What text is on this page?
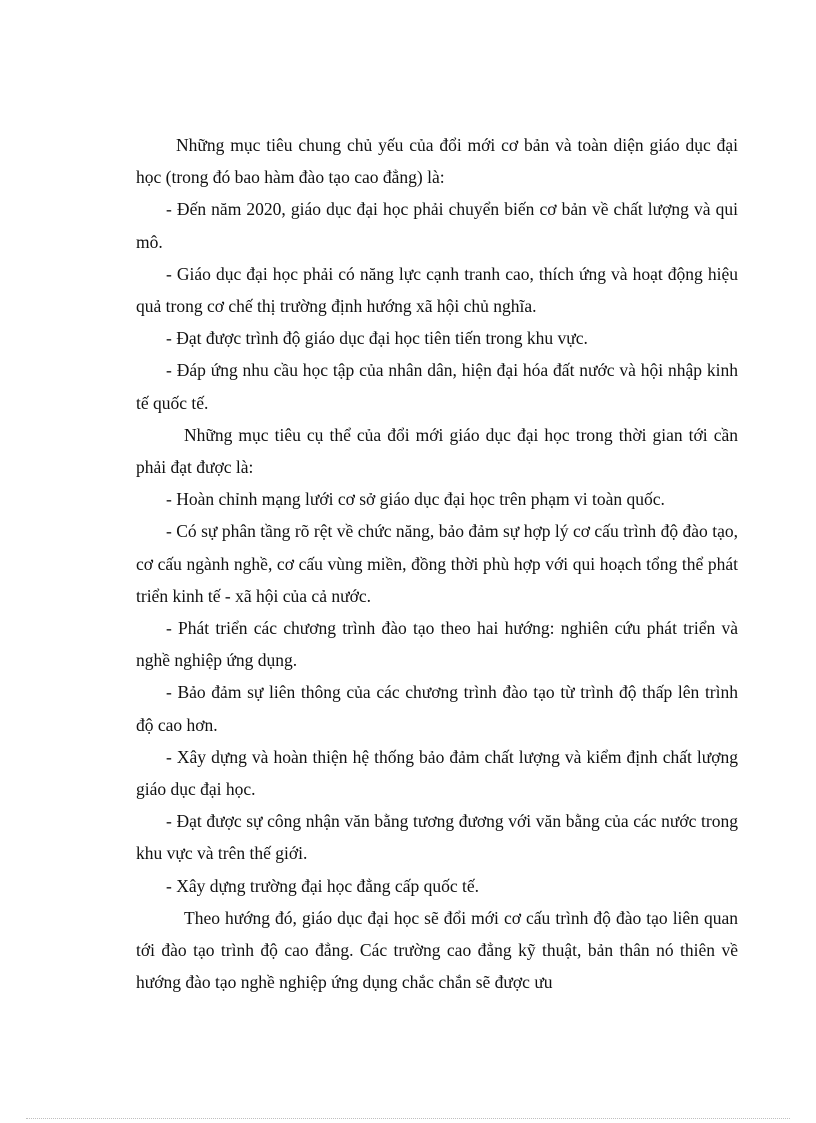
Những mục tiêu chung chủ yếu của đổi mới cơ bản và toàn diện giáo dục đại học (trong đó bao hàm đào tạo cao đẳng) là:

- Đến năm 2020, giáo dục đại học phải chuyển biến cơ bản về chất lượng và qui mô.

- Giáo dục đại học phải có năng lực cạnh tranh cao, thích ứng và hoạt động hiệu quả trong cơ chế thị trường định hướng xã hội chủ nghĩa.

- Đạt được trình độ giáo dục đại học tiên tiến trong khu vực.

- Đáp ứng nhu cầu học tập của nhân dân, hiện đại hóa đất nước và hội nhập kinh tế quốc tế.

Những mục tiêu cụ thể của đổi mới giáo dục đại học trong thời gian tới cần phải đạt được là:

- Hoàn chỉnh mạng lưới cơ sở giáo dục đại học trên phạm vi toàn quốc.

- Có sự phân tầng rõ rệt về chức năng, bảo đảm sự hợp lý cơ cấu trình độ đào tạo, cơ cấu ngành nghề, cơ cấu vùng miền, đồng thời phù hợp với qui hoạch tổng thể phát triển kinh tế - xã hội của cả nước.

- Phát triển các chương trình đào tạo theo hai hướng: nghiên cứu phát triển và nghề nghiệp ứng dụng.

- Bảo đảm sự liên thông của các chương trình đào tạo từ trình độ thấp lên trình độ cao hơn.

- Xây dựng và hoàn thiện hệ thống bảo đảm chất lượng và kiểm định chất lượng giáo dục đại học.

- Đạt được sự công nhận văn bằng tương đương với văn bằng của các nước trong khu vực và trên thế giới.

- Xây dựng trường đại học đẳng cấp quốc tế.

Theo hướng đó, giáo dục đại học sẽ đổi mới cơ cấu trình độ đào tạo liên quan tới đào tạo trình độ cao đẳng. Các trường cao đẳng kỹ thuật, bản thân nó thiên về hướng đào tạo nghề nghiệp ứng dụng chắc chắn sẽ được ưu
